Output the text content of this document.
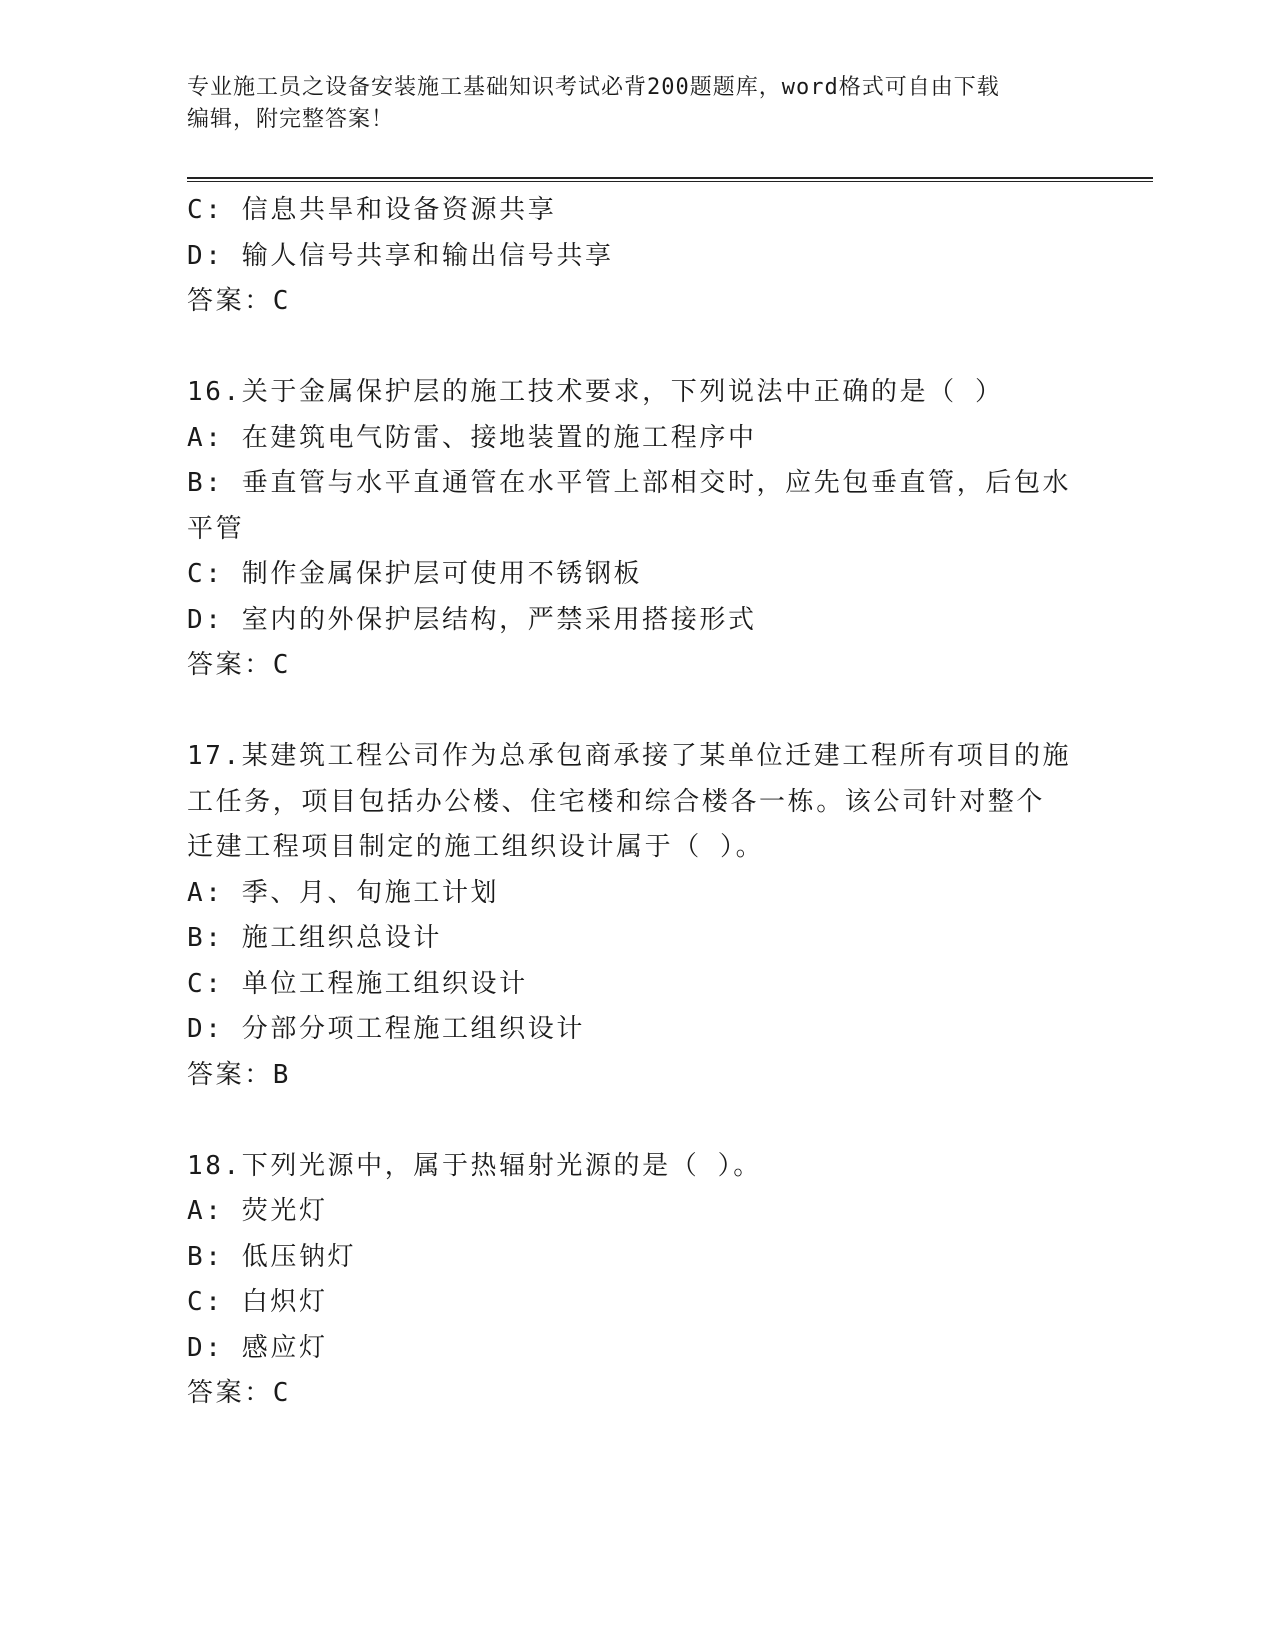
专业施工员之设备安装施工基础知识考试必背200题题库，word格式可自由下载
编辑，附完整答案！
C: 信息共旱和设备资源共享
D: 输人信号共享和输出信号共享
答案：C
16.关于金属保护层的施工技术要求，下列说法中正确的是（ ）
A: 在建筑电气防雷、接地装置的施工程序中
B: 垂直管与水平直通管在水平管上部相交时，应先包垂直管，后包水
平管
C: 制作金属保护层可使用不锈钢板
D: 室内的外保护层结构，严禁采用搭接形式
答案：C
17.某建筑工程公司作为总承包商承接了某单位迁建工程所有项目的施
工任务，项目包括办公楼、住宅楼和综合楼各一栋。该公司针对整个
迁建工程项目制定的施工组织设计属于（ ）。
A: 季、月、旬施工计划
B: 施工组织总设计
C: 单位工程施工组织设计
D: 分部分项工程施工组织设计
答案：B
18.下列光源中，属于热辐射光源的是（ ）。
A: 荧光灯
B: 低压钠灯
C: 白炽灯
D: 感应灯
答案：C
